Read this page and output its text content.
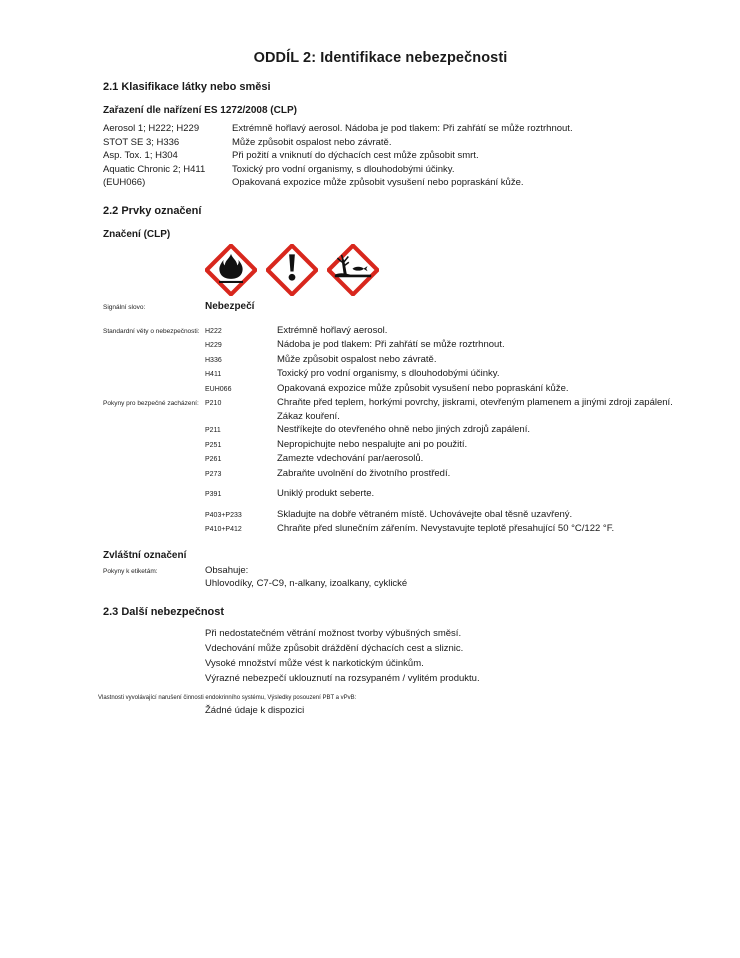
ODDÍL 2: Identifikace nebezpečnosti
2.1 Klasifikace látky nebo směsi
Zařazení dle nařízení ES 1272/2008 (CLP)
Aerosol 1; H222; H229	Extrémně hořlavý aerosol. Nádoba je pod tlakem: Při zahřátí se může roztrhnout.
STOT SE 3; H336	Může způsobit ospalost nebo závratě.
Asp. Tox. 1; H304	Při požití a vniknutí do dýchacích cest může způsobit smrt.
Aquatic Chronic 2; H411	Toxický pro vodní organismy, s dlouhodobými účinky.
(EUH066)	Opakovaná expozice může způsobit vysušení nebo popraskání kůže.
2.2 Prvky označení
Značení (CLP)
Signální slovo:	Nebezpečí
Standardní věty o nebezpečnosti: H222	Extrémně hořlavý aerosol.
H229	Nádoba je pod tlakem: Při zahřátí se může roztrhnout.
H336	Může způsobit ospalost nebo závratě.
H411	Toxický pro vodní organismy, s dlouhodobými účinky.
EUH066	Opakovaná expozice může způsobit vysušení nebo popraskání kůže.
Pokyny pro bezpečné zacházení: P210	Chraňte před teplem, horkými povrchy, jiskrami, otevřeným plamenem a jinými zdroji zapálení. Zákaz kouření.
P211	Nestříkejte do otevřeného ohně nebo jiných zdrojů zapálení.
P251	Nepropichujte nebo nespalujte ani po použití.
P261	Zamezte vdechování par/aerosolů.
P273	Zabraňte uvolnění do životního prostředí.
P391	Uniklý produkt seberte.
P403+P233	Skladujte na dobře větraném místě. Uchovávejte obal těsně uzavřený.
P410+P412	Chraňte před slunečním zářením. Nevystavujte teplotě přesahující 50 °C/122 °F.
Zvláštní označení
Pokyny k etiketám:	Obsahuje:
Uhlovodíky, C7-C9, n-alkany, izoalkany, cyklické
2.3 Další nebezpečnost
Při nedostatečném větrání možnost tvorby výbušných směsí.
Vdechování může způsobit dráždění dýchacích cest a sliznic.
Vysoké množství může vést k narkotickým účinkům.
Výrazné nebezpečí uklouznutí na rozsypaném / vylitém produktu.
Vlastnosti vyvolávající narušení činnosti endokrinního systému, Výsledky posouzení PBT a vPvB:
Žádné údaje k dispozici
